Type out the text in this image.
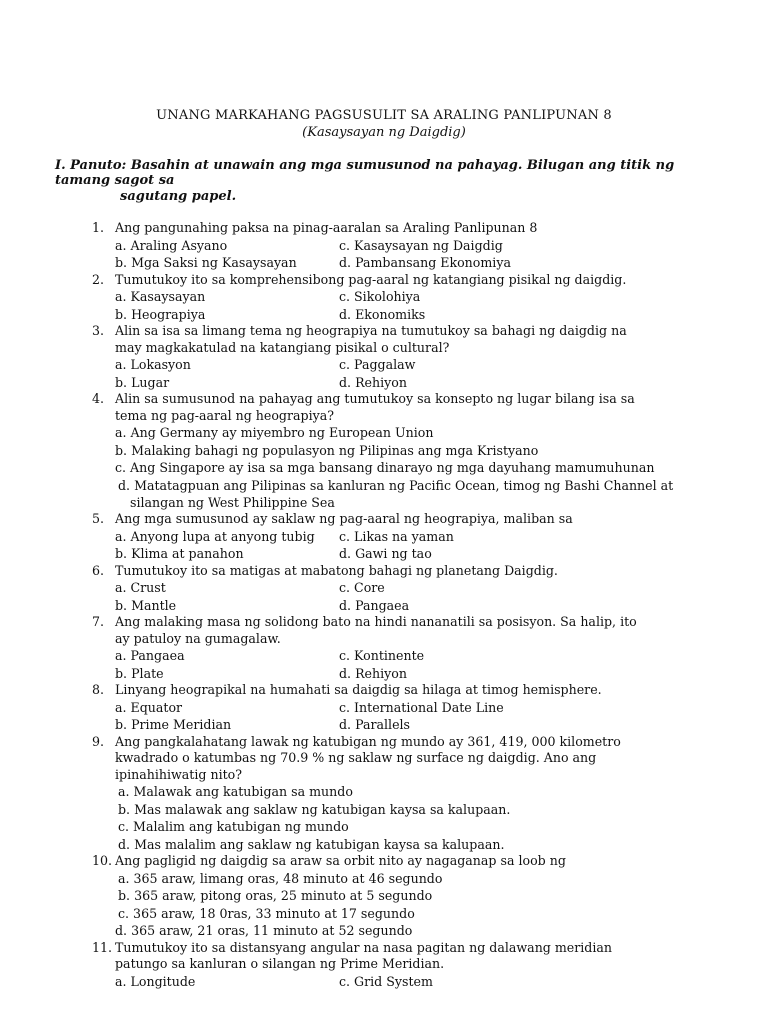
UNANG MARKAHANG PAGSUSULIT SA ARALING PANLIPUNAN 8
(Kasaysayan ng Daigdig)
I. Panuto: Basahin at unawain ang mga sumusunod na pahayag. Bilugan ang titik ng tamang sagot sa
sagutang papel.
1. Ang pangunahing paksa na pinag-aaralan sa Araling Panlipunan 8
a. Araling Asyano	c. Kasaysayan ng Daigdig
b. Mga Saksi ng Kasaysayan	d. Pambansang Ekonomiya
2. Tumutukoy ito sa komprehensibong pag-aaral ng katangiang pisikal ng daigdig.
a. Kasaysayan	c. Sikolohiya
b. Heograpiya	d. Ekonomiks
3. Alin sa isa sa limang tema ng heograpiya na tumutukoy sa bahagi ng daigdig na may magkakatulad na katangiang pisikal o cultural?
a. Lokasyon	c. Paggalaw
b. Lugar	d. Rehiyon
4. Alin sa sumusunod na pahayag ang tumutukoy sa konsepto ng lugar bilang isa sa tema ng pag-aaral ng heograpiya?
a. Ang Germany ay miyembro ng European Union
b. Malaking bahagi ng populasyon ng Pilipinas ang mga Kristyano
c. Ang Singapore ay isa sa mga bansang dinarayo ng mga dayuhang mamumuhunan
d. Matatagpuan ang Pilipinas sa kanluran ng Pacific Ocean, timog ng Bashi Channel at
silangan ng West Philippine Sea
5. Ang mga sumusunod ay saklaw ng pag-aaral ng heograpiya, maliban sa
a. Anyong lupa at anyong tubig c. Likas na yaman
b. Klima at panahon	d. Gawi ng tao
6. Tumutukoy ito sa matigas at mabatong bahagi ng planetang Daigdig.
a. Crust	c. Core
b. Mantle	d. Pangaea
7. Ang malaking masa ng solidong bato na hindi nananatili sa posisyon. Sa halip, ito ay patuloy na gumagalaw.
a. Pangaea	c. Kontinente
b. Plate	d. Rehiyon
8. Linyang heograpikal na humahati sa daigdig sa hilaga at timog hemisphere.
a. Equator	c. International Date Line
b. Prime Meridian	d. Parallels
9. Ang pangkalahatang lawak ng katubigan ng mundo ay 361, 419, 000 kilometro kwadrado o katumbas ng 70.9 % ng saklaw ng surface ng daigdig. Ano ang ipinahihiwatig nito?
a. Malawak ang katubigan sa mundo
b. Mas malawak ang saklaw ng katubigan kaysa sa kalupaan.
c. Malalim ang katubigan ng mundo
d. Mas malalim ang saklaw ng katubigan kaysa sa kalupaan.
10. Ang pagligid ng daigdig sa araw sa orbit nito ay nagaganap sa loob ng
a. 365 araw, limang oras, 48 minuto at 46 segundo
b. 365 araw, pitong oras, 25 minuto at 5 segundo
c. 365 araw, 18 0ras, 33 minuto at 17 segundo
d. 365 araw, 21 oras, 11 minuto at 52 segundo
11. Tumutukoy ito sa distansyang angular na nasa pagitan ng dalawang meridian patungo sa kanluran o silangan ng Prime Meridian.
a. Longitude	c. Grid System
